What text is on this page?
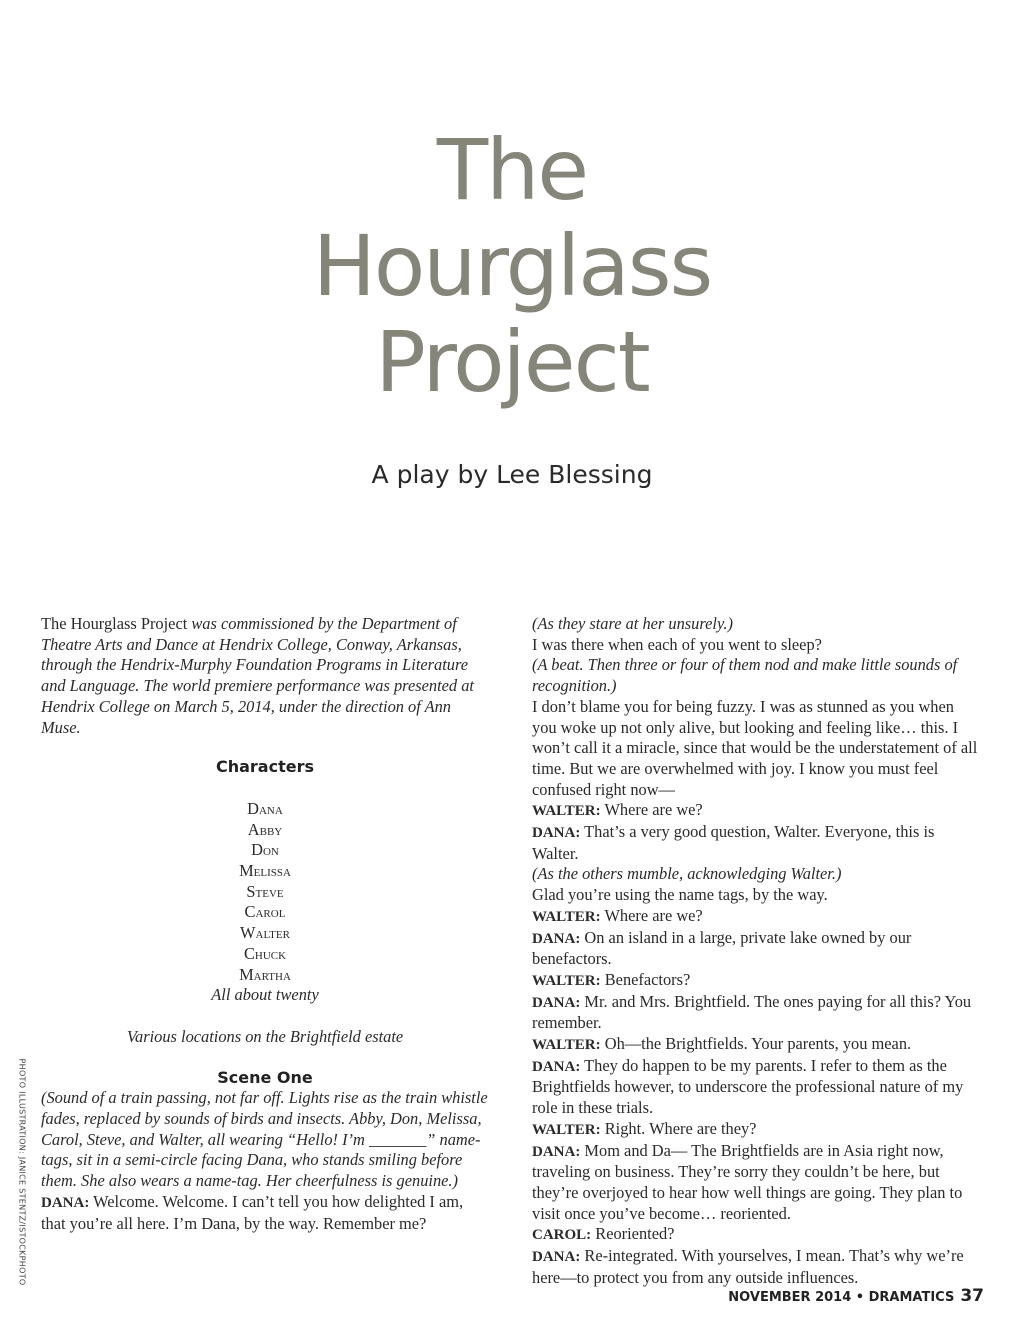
The
Hourglass
Project
A play by Lee Blessing

The Hourglass Project was commissioned by the Department of Theatre Arts and Dance at Hendrix College, Conway, Arkansas, through the Hendrix-Murphy Foundation Programs in Literature and Language. The world premiere performance was presented at Hendrix College on March 5, 2014, under the direction of Ann Muse.

Characters

Dana

Abby

Don

Melissa

Steve

Carol

Walter

Chuck

Martha

All about twenty

Various locations on the Brightfield estate

Scene One

(Sound of a train passing, not far off. Lights rise as the train whistle fades, replaced by sounds of birds and insects. Abby, Don, Melissa, Carol, Steve, and Walter, all wearing “Hello! I’m _______” name-tags, sit in a semi-circle facing Dana, who stands smiling before them. She also wears a name-tag. Her cheerfulness is genuine.)

DANA: Welcome. Welcome. I can’t tell you how delighted I am, that you’re all here. I’m Dana, by the way. Remember me?

(As they stare at her unsurely.)

I was there when each of you went to sleep?

(A beat. Then three or four of them nod and make little sounds of recognition.)

I don’t blame you for being fuzzy. I was as stunned as you when you woke up not only alive, but looking and feeling like… this. I won’t call it a miracle, since that would be the understatement of all time. But we are overwhelmed with joy. I know you must feel confused right now—

WALTER: Where are we?

DANA: That’s a very good question, Walter. Everyone, this is Walter.

(As the others mumble, acknowledging Walter.)

Glad you’re using the name tags, by the way.

WALTER: Where are we?

DANA: On an island in a large, private lake owned by our benefactors.

WALTER: Benefactors?

DANA: Mr. and Mrs. Brightfield. The ones paying for all this? You remember.

WALTER: Oh—the Brightfields. Your parents, you mean.

DANA: They do happen to be my parents. I refer to them as the Brightfields however, to underscore the professional nature of my role in these trials.

WALTER: Right. Where are they?

DANA: Mom and Da— The Brightfields are in Asia right now, traveling on business. They’re sorry they couldn’t be here, but they’re overjoyed to hear how well things are going. They plan to visit once you’ve become… reoriented.

CAROL: Reoriented?

DANA: Re-integrated. With yourselves, I mean. That’s why we’re here—to protect you from any outside influences.

PHOTO ILLUSTRATION: JANICE STENTZ/ISTOCKPHOTO
NOVEMBER 2014 • DRAMATICS 37
